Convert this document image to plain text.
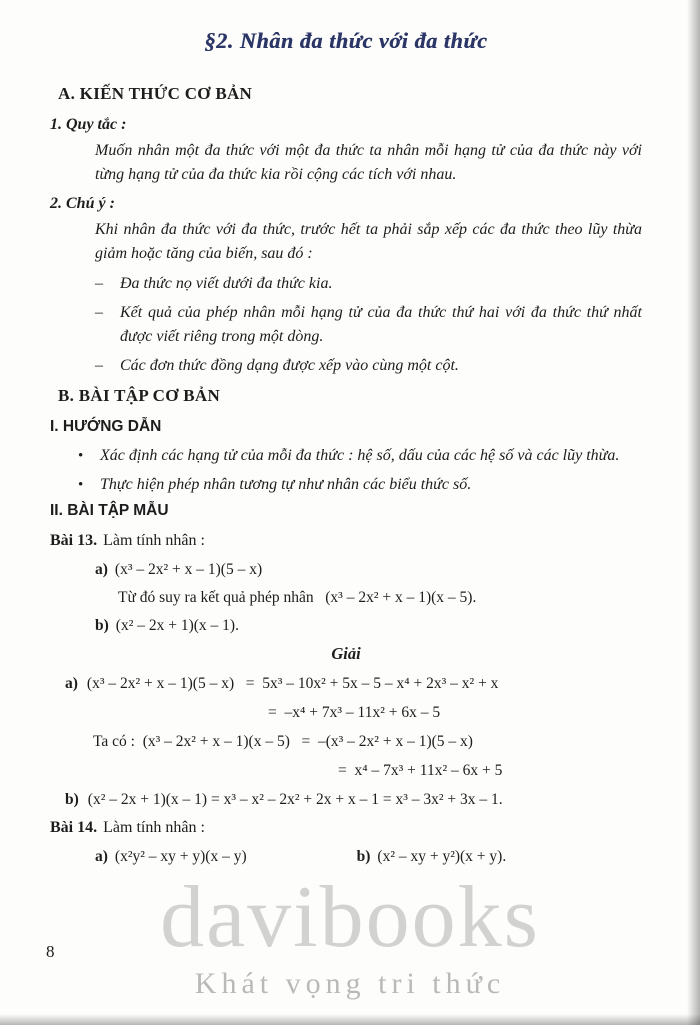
davibooks
Khát vọng tri thức
§2. Nhân đa thức với đa thức
A. KIẾN THỨC CƠ BẢN
1. Quy tắc :

Muốn nhân một đa thức với một đa thức ta nhân mỗi hạng tử của đa thức này với từng hạng tử của đa thức kia rồi cộng các tích với nhau.

2. Chú ý :

Khi nhân đa thức với đa thức, trước hết ta phải sắp xếp các đa thức theo lũy thừa giảm hoặc tăng của biến, sau đó :

–	Đa thức nọ viết dưới đa thức kia.
–	Kết quả của phép nhân mỗi hạng tử của đa thức thứ hai với đa thức thứ nhất được viết riêng trong một dòng.
–	Các đơn thức đồng dạng được xếp vào cùng một cột.
B. BÀI TẬP CƠ BẢN
I. HƯỚNG DẪN
•	Xác định các hạng tử của mỗi đa thức : hệ số, dấu của các hệ số và các lũy thừa.
•	Thực hiện phép nhân tương tự như nhân các biểu thức số.
II. BÀI TẬP MẪU
Bài 13. Làm tính nhân :
a) (x³ – 2x² + x – 1)(5 – x)
Từ đó suy ra kết quả phép nhân   (x³ – 2x² + x – 1)(x – 5).
b) (x² – 2x + 1)(x – 1).
Giải
a) (x³ – 2x² + x – 1)(5 – x)   =  5x³ – 10x² + 5x – 5 – x⁴ + 2x³ – x² + x
=  –x⁴ + 7x³ – 11x² + 6x – 5
Ta có :  (x³ – 2x² + x – 1)(x – 5)   =  –(x³ – 2x² + x – 1)(5 – x)
=  x⁴ – 7x³ + 11x² – 6x + 5
b) (x² – 2x + 1)(x – 1) = x³ – x² – 2x² + 2x + x – 1 = x³ – 3x² + 3x – 1.
Bài 14. Làm tính nhân :
a) (x²y² – xy + y)(x – y)	b) (x² – xy + y²)(x + y).
8
